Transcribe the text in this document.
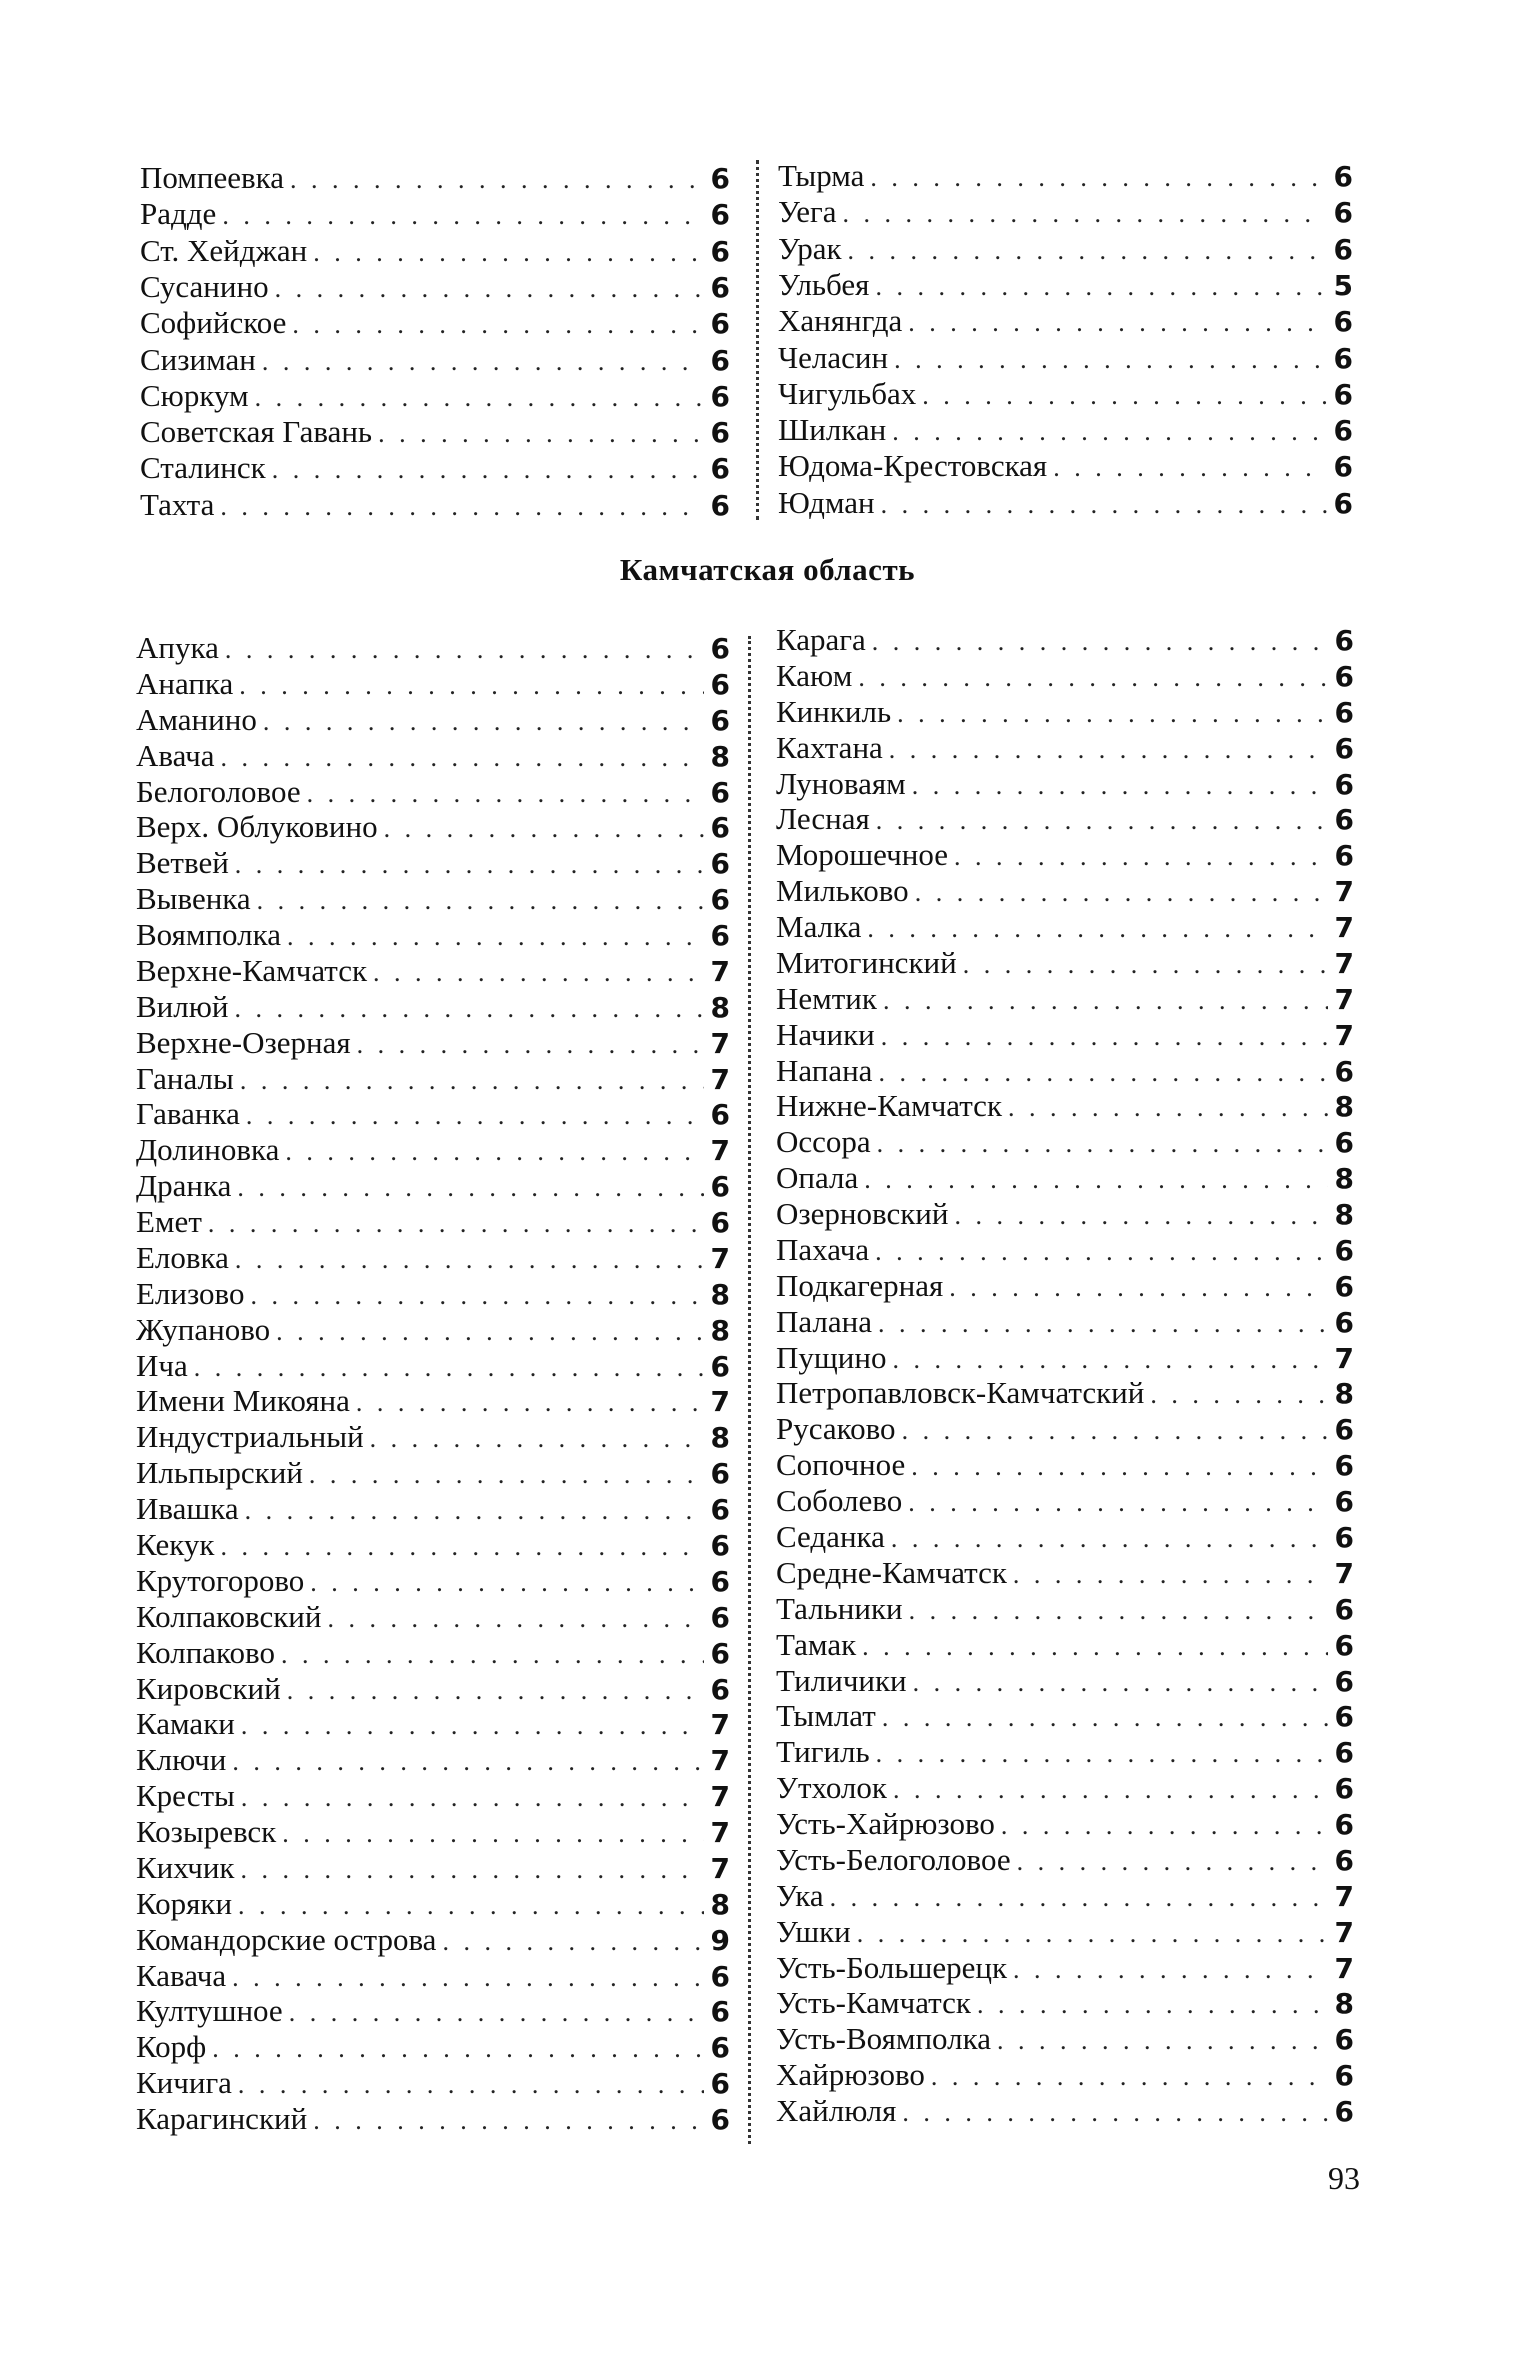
Помпеевка . . .	6
Радде . . .	6
Ст. Хейджан . . .	6
Сусанино . . .	6
Софийское . . .	6
Сизиман . . .	6
Сюркум . . .	6
Советская Гавань . . .	6
Сталинск . . .	6
Тахта . . .	6
Тырма . . .	6
Уега . . .	6
Урак . . .	6
Ульбея . . .	5
Ханянгда . . .	6
Челасин . . .	6
Чигульбах . . .	6
Шилкан . . .	6
Юдома-Крестовская . . .	6
Юдман . . .	6
Камчатская область
Апука . . .	6
Анапка . . .	6
Аманино . . .	6
Авача . . .	8
Белоголовое . . .	6
Верх. Облуковино . . .	6
Ветвей . . .	6
Вывенка . . .	6
Воямполка . . .	6
Верхне-Камчатск . . .	7
Вилюй . . .	8
Верхне-Озерная . . .	7
Ганалы . . .	7
Гаванка . . .	6
Долиновка . . .	7
Дранка . . .	6
Емет . . .	6
Еловка . . .	7
Елизово . . .	8
Жупаново . . .	8
Ича . . .	6
Имени Микояна . . .	7
Индустриальный . . .	8
Ильпырский . . .	6
Ивашка . . .	6
Кекук . . .	6
Крутогорово . . .	6
Колпаковский . . .	6
Колпаково . . .	6
Кировский . . .	6
Камаки . . .	7
Ключи . . .	7
Кресты . . .	7
Козыревск . . .	7
Кихчик . . .	7
Коряки . . .	8
Командорские острова . . .	9
Кавача . . .	6
Култушное . . .	6
Корф . . .	6
Кичига . . .	6
Карагинский . . .	6
Карага . . .	6
Каюм . . .	6
Кинкиль . . .	6
Кахтана . . .	6
Луноваям . . .	6
Лесная . . .	6
Морошечное . . .	6
Мильково . . .	7
Малка . . .	7
Митогинский . . .	7
Немтик . . .	7
Начики . . .	7
Напана . . .	6
Нижне-Камчатск . . .	8
Оссора . . .	6
Опала . . .	8
Озерновский . . .	8
Пахача . . .	6
Подкагерная . . .	6
Палана . . .	6
Пущино . . .	7
Петропавловск-Камчатский . . .	8
Русаково . . .	6
Сопочное . . .	6
Соболево . . .	6
Седанка . . .	6
Средне-Камчатск . . .	7
Тальники . . .	6
Тамак . . .	6
Тиличики . . .	6
Тымлат . . .	6
Тигиль . . .	6
Утхолок . . .	6
Усть-Хайрюзово . . .	6
Усть-Белоголовое . . .	6
Ука . . .	7
Ушки . . .	7
Усть-Большерецк . . .	7
Усть-Камчатск . . .	8
Усть-Воямполка . . .	6
Хайрюзово . . .	6
Хайлюля . . .	6
93
